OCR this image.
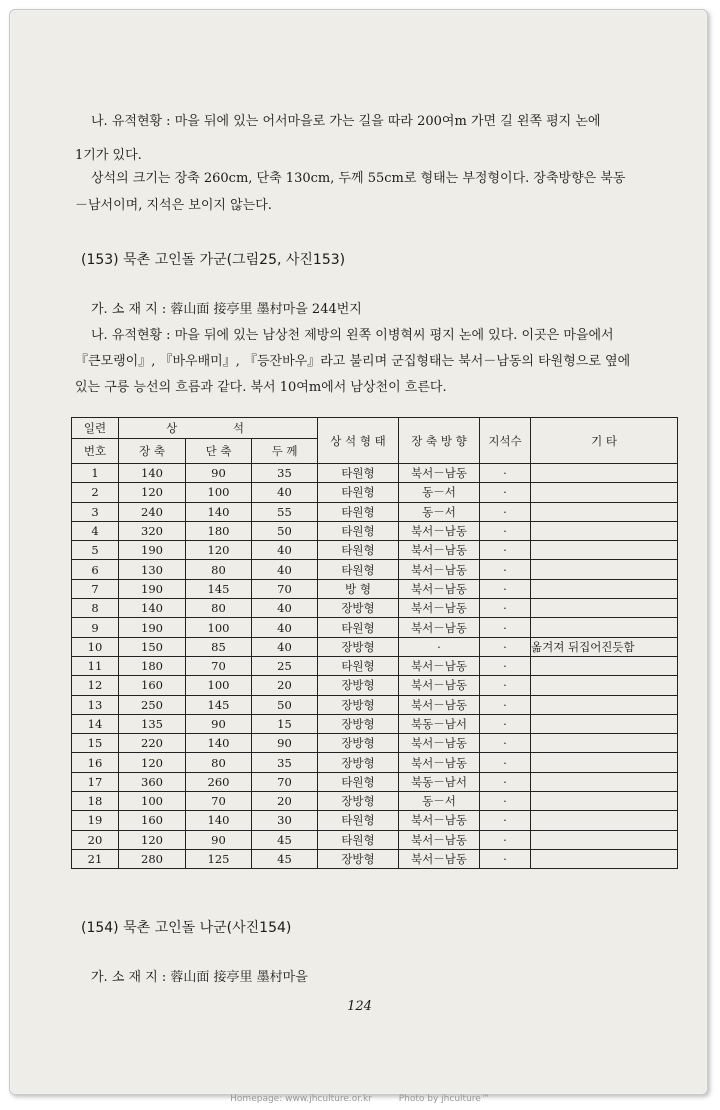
나. 유적현황 : 마을 뒤에 있는 어서마을로 가는 길을 따라 200여m 가면 길 왼쪽 평지 논에
1기가 있다.
상석의 크기는 장축 260cm, 단축 130cm, 두께 55cm로 형태는 부정형이다. 장축방향은 북동
－남서이며, 지석은 보이지 않는다.
(153) 묵촌 고인돌 가군(그림25, 사진153)
가. 소 재 지 : 蓉山面 接亭里 墨村마을 244번지
나. 유적현황 : 마을 뒤에 있는 남상천 제방의 왼쪽 이병혁씨 평지 논에 있다. 이곳은 마을에서
『큰모랭이』, 『바우배미』, 『등잔바우』라고 불리며 군집형태는 북서－남동의 타원형으로 옆에
있는 구릉 능선의 흐름과 같다. 북서 10여m에서 남상천이 흐른다.
일련	상 석			상 석 형 태	장 축 방 향	지석수	기 타
번호	장 축	단 축	두 께				
1	140	90	35	타원형	북서－남동	·	
2	120	100	40	타원형	동－서	·	
3	240	140	55	타원형	동－서	·	
4	320	180	50	타원형	북서－남동	·	
5	190	120	40	타원형	북서－남동	·	
6	130	80	40	타원형	북서－남동	·	
7	190	145	70	방 형	북서－남동	·	
8	140	80	40	장방형	북서－남동	·	
9	190	100	40	타원형	북서－남동	·	
10	150	85	40	장방형	·	·	옮겨져 뒤집어진듯함
11	180	70	25	타원형	북서－남동	·	
12	160	100	20	장방형	북서－남동	·	
13	250	145	50	장방형	북서－남동	·	
14	135	90	15	장방형	북동－남서	·	
15	220	140	90	장방형	북서－남동	·	
16	120	80	35	장방형	북서－남동	·	
17	360	260	70	타원형	북동－남서	·	
18	100	70	20	장방형	동－서	·	
19	160	140	30	타원형	북서－남동	·	
20	120	90	45	타원형	북서－남동	·	
21	280	125	45	장방형	북서－남동	·	
(154) 묵촌 고인돌 나군(사진154)
가. 소 재 지 : 蓉山面 接亭里 墨村마을
124
Homepage: www.jhculture.or.kr	Photo by jhculture™
